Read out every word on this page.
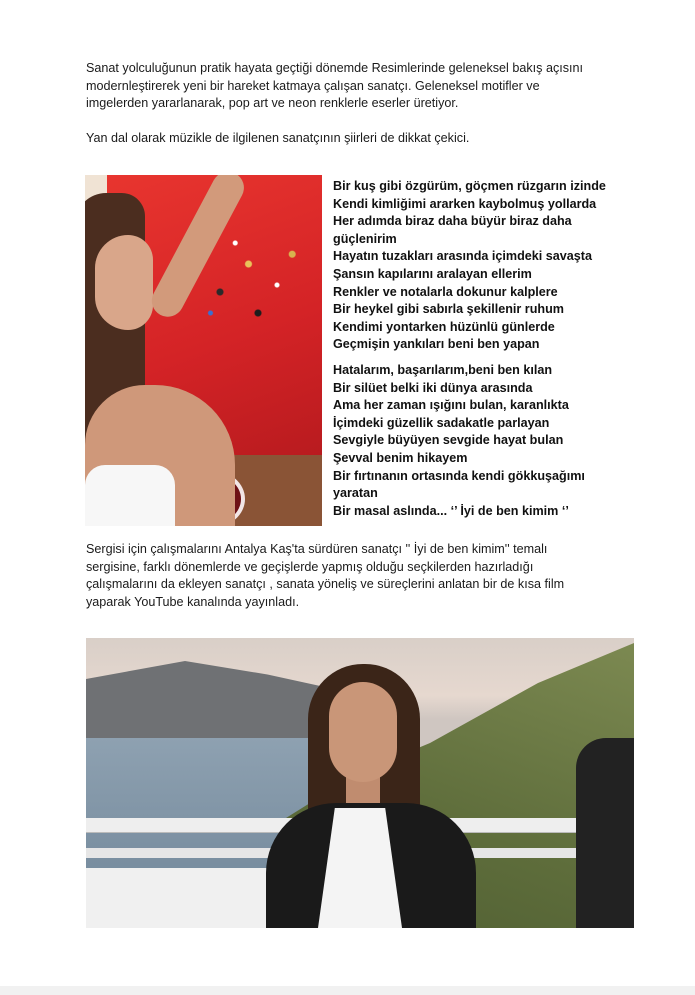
Sanat yolculuğunun pratik hayata geçtiği dönemde Resimlerinde geleneksel bakış açısını
modernleştirerek yeni bir hareket katmaya çalışan sanatçı. Geleneksel motifler ve
imgelerden yararlanarak, pop art ve neon renklerle eserler üretiyor.

Yan dal olarak müzikle de ilgilenen sanatçının şiirleri de dikkat çekici.

Bir kuş gibi özgürüm, göçmen rüzgarın izinde
Kendi kimliğimi ararken kaybolmuş yollarda
Her adımda biraz daha büyür biraz daha
güçlenirim
Hayatın tuzakları arasında içimdeki savaşta
Şansın kapılarını aralayan ellerim
Renkler ve notalarla dokunur kalplere
Bir heykel gibi sabırla şekillenir ruhum
Kendimi yontarken hüzünlü günlerde
Geçmişin yankıları beni ben yapan
Hatalarım, başarılarım,beni ben kılan
Bir silüet belki iki dünya arasında
Ama her zaman ışığını bulan, karanlıkta
İçimdeki güzellik sadakatle parlayan
Sevgiyle büyüyen sevgide hayat bulan
Şevval benim hikayem
Bir fırtınanın ortasında kendi gökkuşağımı
yaratan
Bir masal aslında... ‘’ İyi de ben kimim ‘’

Sergisi için çalışmalarını Antalya Kaş'ta sürdüren sanatçı '' İyi de ben kimim'' temalı
sergisine, farklı dönemlerde ve geçişlerde yapmış olduğu seçkilerden hazırladığı
çalışmalarını da ekleyen sanatçı , sanata yöneliş ve süreçlerini anlatan bir de kısa film
yaparak YouTube kanalında yayınladı.
